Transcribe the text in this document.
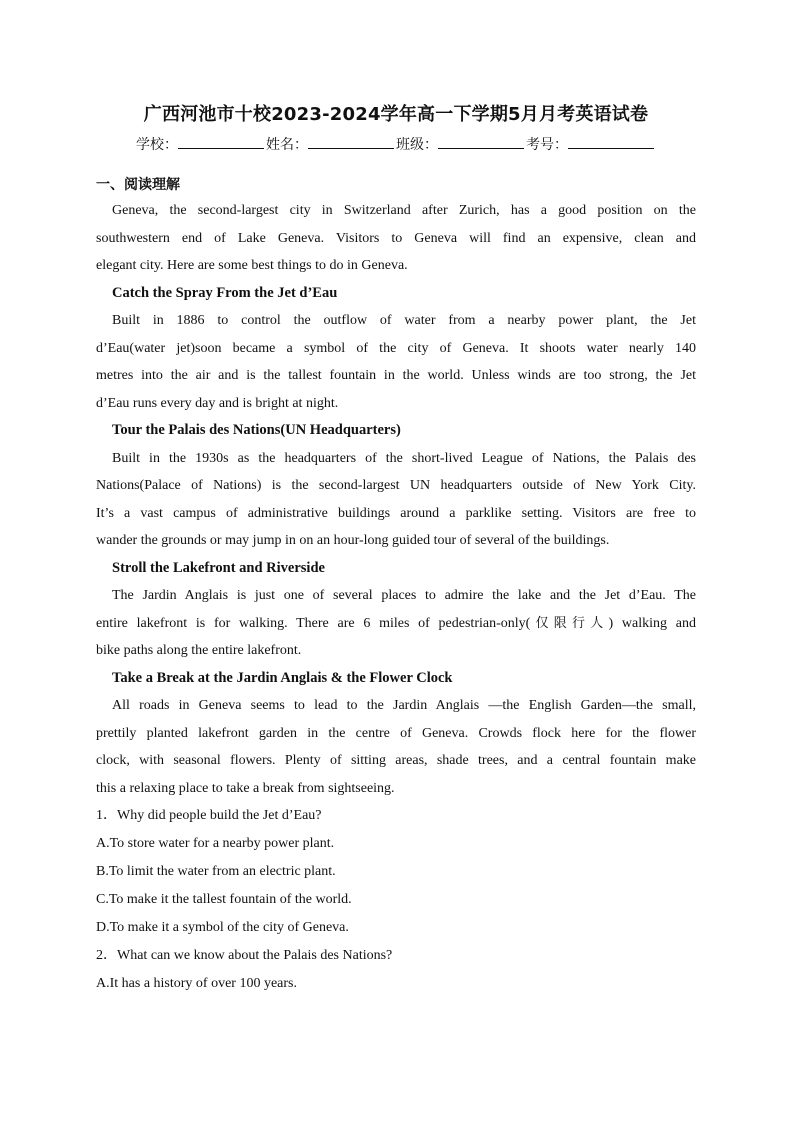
广西河池市十校2023-2024学年高一下学期5月月考英语试卷
学校：	姓名：	班级：	考号：
一、阅读理解

Geneva, the second-largest city in Switzerland after Zurich, has a good position on the

southwestern end of Lake Geneva. Visitors to Geneva will find an expensive, clean and

elegant city. Here are some best things to do in Geneva.

Catch the Spray From the Jet d’Eau

Built in 1886 to control the outflow of water from a nearby power plant, the Jet

d’Eau(water jet)soon became a symbol of the city of Geneva. It shoots water nearly 140

metres into the air and is the tallest fountain in the world. Unless winds are too strong, the Jet

d’Eau runs every day and is bright at night.

Tour the Palais des Nations(UN Headquarters)

Built in the 1930s as the headquarters of the short-lived League of Nations, the Palais des

Nations(Palace of Nations) is the second-largest UN headquarters outside of New York City.

It’s a vast campus of administrative buildings around a parklike setting. Visitors are free to

wander the grounds or may jump in on an hour-long guided tour of several of the buildings.

Stroll the Lakefront and Riverside

The Jardin Anglais is just one of several places to admire the lake and the Jet d’Eau. The

entire lakefront is for walking. There are 6 miles of pedestrian-only(仅限行人) walking and

bike paths along the entire lakefront.

Take a Break at the Jardin Anglais & the Flower Clock

All roads in Geneva seems to lead to the Jardin Anglais —the English Garden—the small,

prettily planted lakefront garden in the centre of Geneva. Crowds flock here for the flower

clock, with seasonal flowers. Plenty of sitting areas, shade trees, and a central fountain make

this a relaxing place to take a break from sightseeing.

1．Why did people build the Jet d’Eau?
A.To store water for a nearby power plant.
B.To limit the water from an electric plant.
C.To make it the tallest fountain of the world.
D.To make it a symbol of the city of Geneva.
2．What can we know about the Palais des Nations?
A.It has a history of over 100 years.
